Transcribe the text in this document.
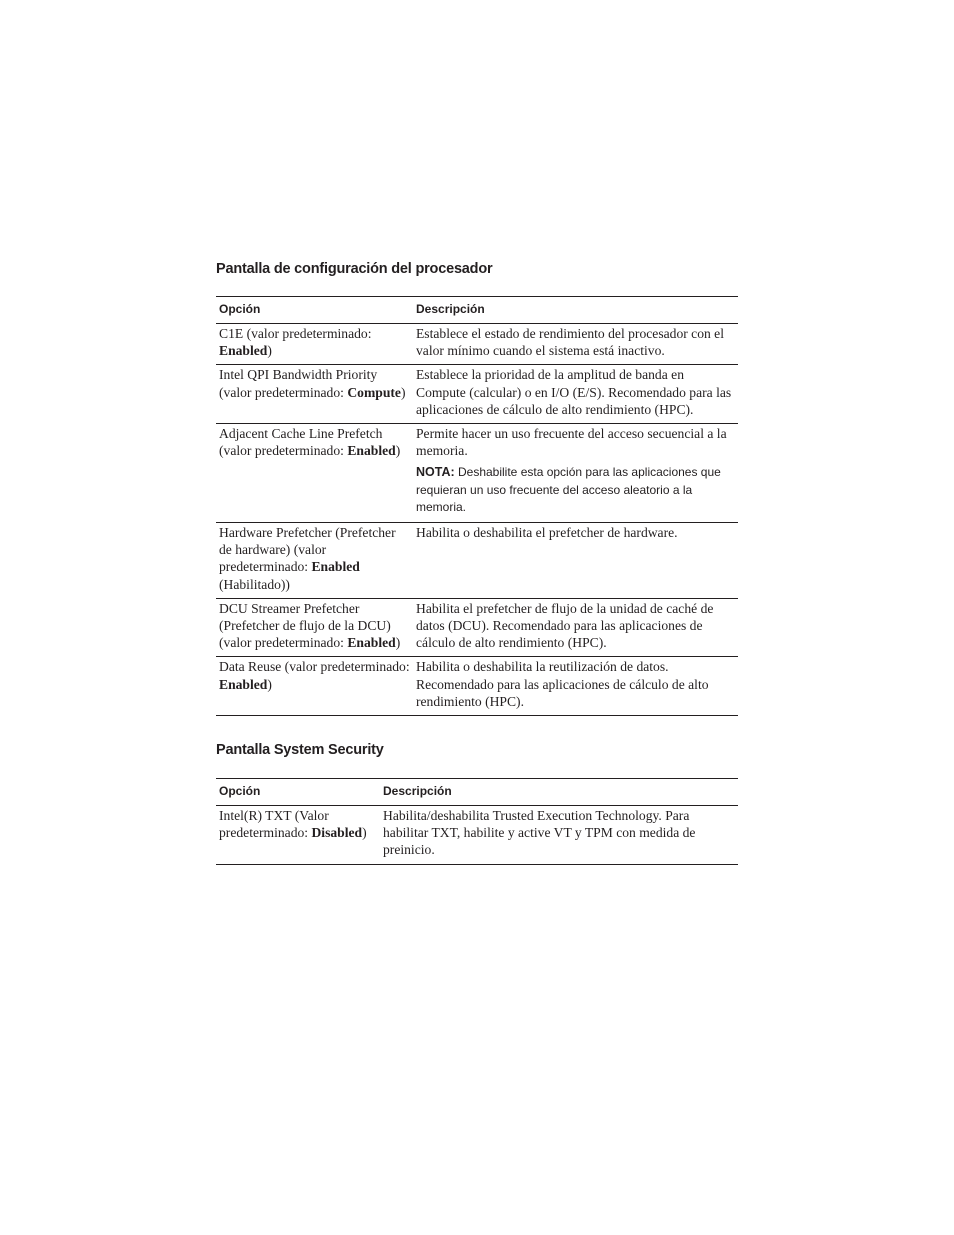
Pantalla de configuración del procesador
Opción	Descripción
C1E (valor predeterminado: Enabled)	Establece el estado de rendimiento del procesador con el valor mínimo cuando el sistema está inactivo.
Intel QPI Bandwidth Priority (valor predeterminado: Compute)	Establece la prioridad de la amplitud de banda en Compute (calcular) o en I/O (E/S). Recomendado para las aplicaciones de cálculo de alto rendimiento (HPC).
Adjacent Cache Line Prefetch (valor predeterminado: Enabled)	Permite hacer un uso frecuente del acceso secuencial a la memoria.
NOTA: Deshabilite esta opción para las aplicaciones que requieran un uso frecuente del acceso aleatorio a la memoria.

Hardware Prefetcher (Prefetcher de hardware) (valor predeterminado: Enabled (Habilitado))	Habilita o deshabilita el prefetcher de hardware.
DCU Streamer Prefetcher (Prefetcher de flujo de la DCU) (valor predeterminado: Enabled)	Habilita el prefetcher de flujo de la unidad de caché de datos (DCU). Recomendado para las aplicaciones de cálculo de alto rendimiento (HPC).
Data Reuse (valor predeterminado: Enabled)	Habilita o deshabilita la reutilización de datos. Recomendado para las aplicaciones de cálculo de alto rendimiento (HPC).
Pantalla System Security
Opción	Descripción
Intel(R) TXT (Valor predeterminado: Disabled)	Habilita/deshabilita Trusted Execution Technology. Para habilitar TXT, habilite y active VT y TPM con medida de preinicio.
